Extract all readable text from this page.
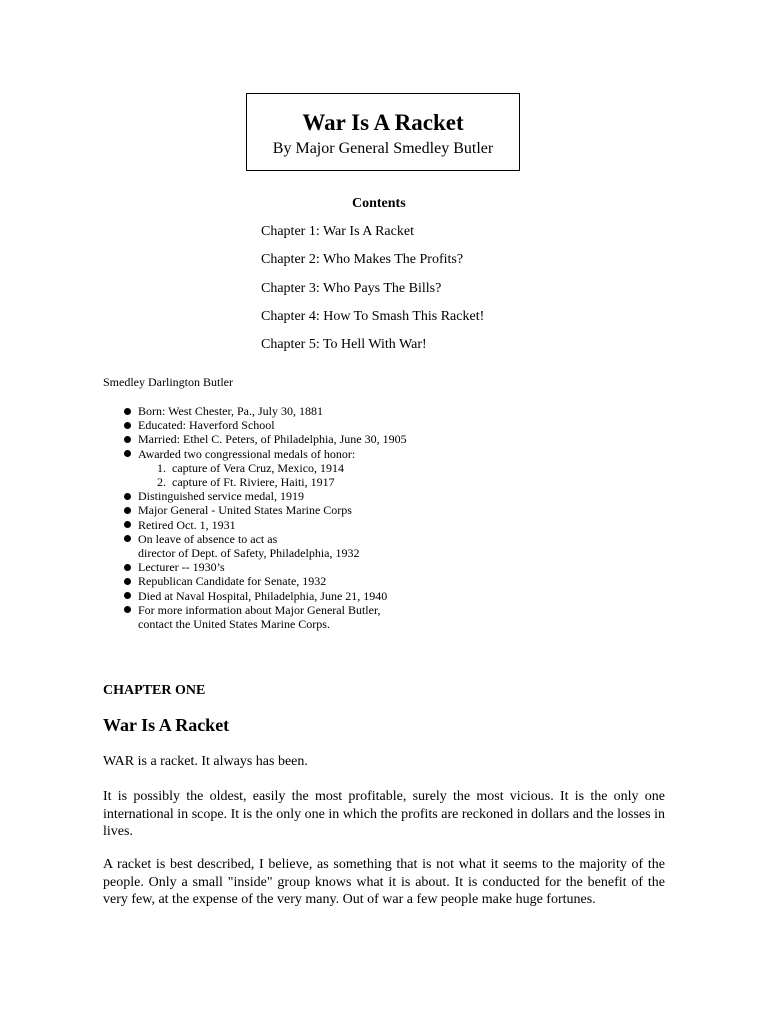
War Is A Racket
By Major General Smedley Butler
Contents
Chapter 1: War Is A Racket
Chapter 2: Who Makes The Profits?
Chapter 3: Who Pays The Bills?
Chapter 4: How To Smash This Racket!
Chapter 5: To Hell With War!
Smedley Darlington Butler
Born: West Chester, Pa., July 30, 1881
Educated: Haverford School
Married: Ethel C. Peters, of Philadelphia, June 30, 1905
Awarded two congressional medals of honor:
1. capture of Vera Cruz, Mexico, 1914
2. capture of Ft. Riviere, Haiti, 1917
Distinguished service medal, 1919
Major General - United States Marine Corps
Retired Oct. 1, 1931
On leave of absence to act as
director of Dept. of Safety, Philadelphia, 1932
Lecturer -- 1930’s
Republican Candidate for Senate, 1932
Died at Naval Hospital, Philadelphia, June 21, 1940
For more information about Major General Butler,
contact the United States Marine Corps.
CHAPTER ONE
War Is A Racket

WAR is a racket. It always has been.

It is possibly the oldest, easily the most profitable, surely the most vicious. It is the only one international in scope. It is the only one in which the profits are reckoned in dollars and the losses in lives.

A racket is best described, I believe, as something that is not what it seems to the majority of the people. Only a small "inside" group knows what it is about. It is conducted for the benefit of the very few, at the expense of the very many. Out of war a few people make huge fortunes.
